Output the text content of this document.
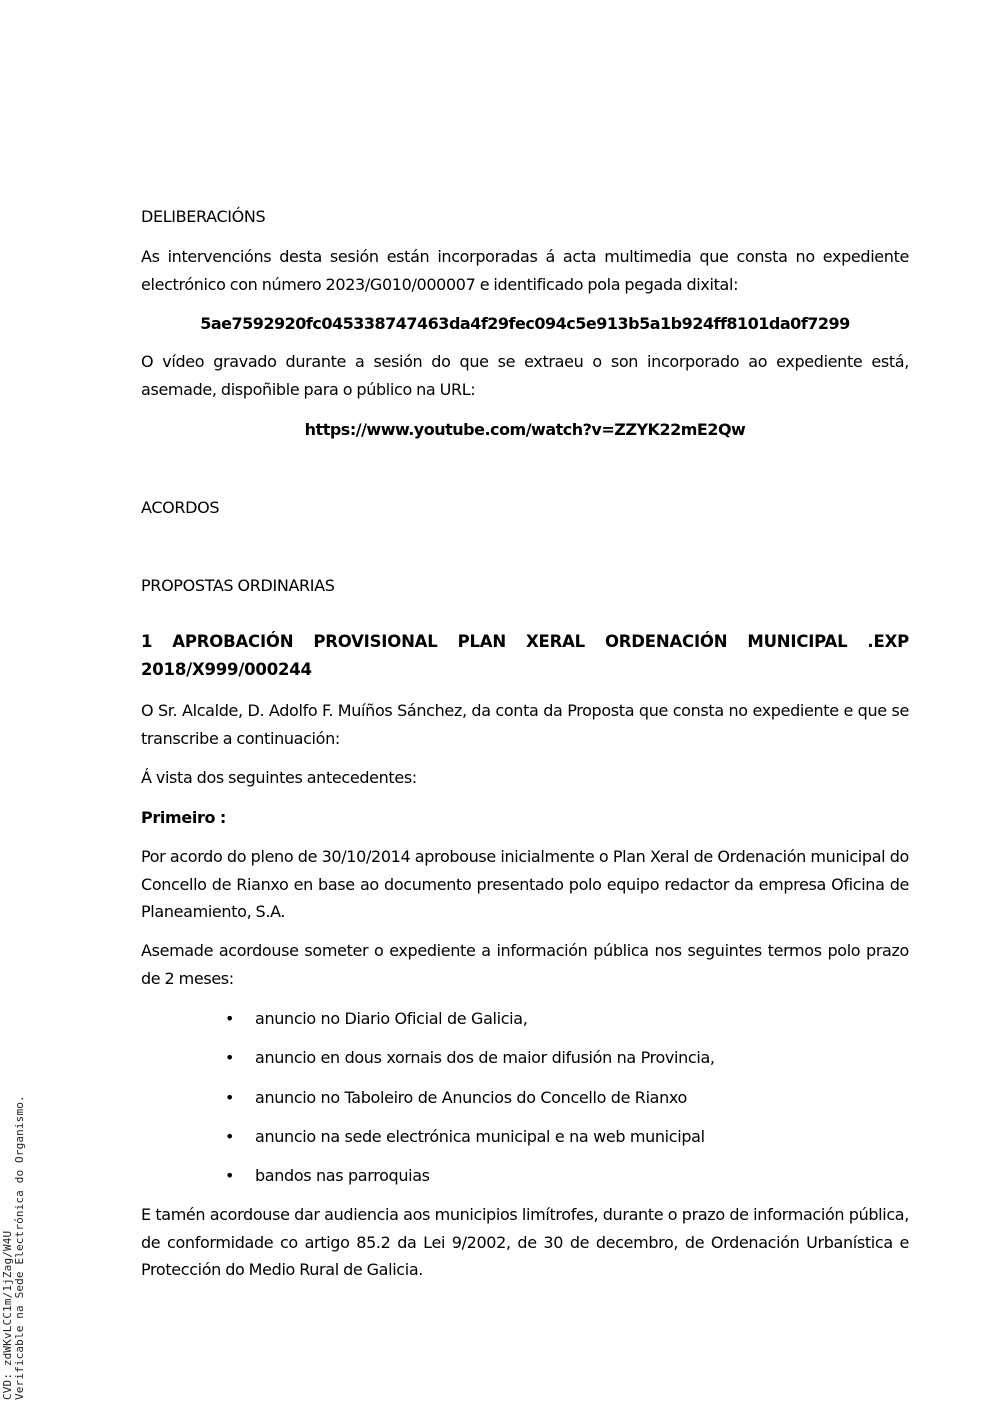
DELIBERACIÓNS
As intervencións desta sesión están incorporadas á acta multimedia que consta no expediente electrónico con número 2023/G010/000007 e identificado pola pegada dixital:
5ae7592920fc045338747463da4f29fec094c5e913b5a1b924ff8101da0f7299
O vídeo gravado durante a sesión do que se extraeu o son incorporado ao expediente está, asemade, dispoñible para o público na URL:
https://www.youtube.com/watch?v=ZZYK22mE2Qw
ACORDOS
PROPOSTAS ORDINARIAS
1 APROBACIÓN PROVISIONAL PLAN XERAL ORDENACIÓN MUNICIPAL .EXP 2018/X999/000244
O Sr. Alcalde, D. Adolfo F. Muíños Sánchez, da conta da Proposta que consta no expediente e que se transcribe a continuación:
Á vista dos seguintes antecedentes:
Primeiro :
Por acordo do pleno de 30/10/2014 aprobouse inicialmente o Plan Xeral de Ordenación municipal do Concello de Rianxo en base ao documento presentado polo equipo redactor da empresa Oficina de Planeamiento, S.A.
Asemade acordouse someter o expediente a información pública nos seguintes termos polo prazo de 2 meses:
• anuncio no Diario Oficial de Galicia,
• anuncio en dous xornais dos de maior difusión na Provincia,
• anuncio no Taboleiro de Anuncios do Concello de Rianxo
• anuncio na sede electrónica municipal e na web municipal
• bandos nas parroquias
E tamén acordouse dar audiencia aos municipios limítrofes, durante o prazo de información pública, de conformidade co artigo 85.2 da Lei 9/2002, de 30 de decembro, de Ordenación Urbanística e Protección do Medio Rural de Galicia.
CVD: zdWKvLCC1m/1jZag/W4U Verificable na Sede Electrónica do Organismo.
